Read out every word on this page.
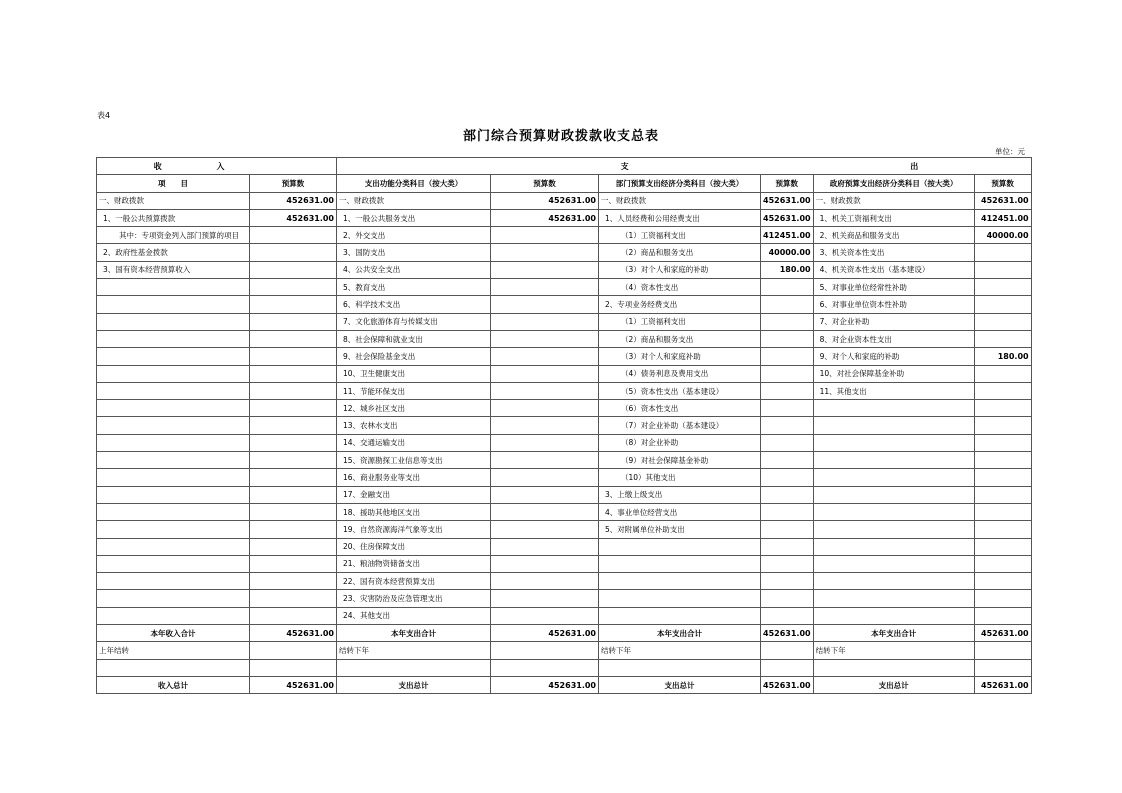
表4
部门综合预算财政拨款收支总表
单位：元
收 入		支 出					
项　　目	预算数	支出功能分类科目（按大类）	预算数	部门预算支出经济分类科目（按大类）	预算数	政府预算支出经济分类科目（按大类）	预算数
一、财政拨款	452631.00	一、财政拨款	452631.00	一、财政拨款	452631.00	一、财政拨款	452631.00
1、一般公共预算拨款	452631.00	1、一般公共服务支出	452631.00	1、人员经费和公用经费支出	452631.00	1、机关工资福利支出	412451.00
其中：专项资金列入部门预算的项目		2、外交支出		（1）工资福利支出	412451.00	2、机关商品和服务支出	40000.00
2、政府性基金拨款		3、国防支出		（2）商品和服务支出	40000.00	3、机关资本性支出	
3、国有资本经营预算收入		4、公共安全支出		（3）对个人和家庭的补助	180.00	4、机关资本性支出（基本建设）	
		5、教育支出		（4）资本性支出		5、对事业单位经常性补助	
		6、科学技术支出		2、专项业务经费支出		6、对事业单位资本性补助	
		7、文化旅游体育与传媒支出		（1）工资福利支出		7、对企业补助	
		8、社会保障和就业支出		（2）商品和服务支出		8、对企业资本性支出	
		9、社会保险基金支出		（3）对个人和家庭补助		9、对个人和家庭的补助	180.00
		10、卫生健康支出		（4）债务利息及费用支出		10、对社会保障基金补助	
		11、节能环保支出		（5）资本性支出（基本建设）		11、其他支出	
		12、城乡社区支出		（6）资本性支出			
		13、农林水支出		（7）对企业补助（基本建设）			
		14、交通运输支出		（8）对企业补助			
		15、资源勘探工业信息等支出		（9）对社会保障基金补助			
		16、商业服务业等支出		（10）其他支出			
		17、金融支出		3、上缴上级支出			
		18、援助其他地区支出		4、事业单位经营支出			
		19、自然资源海洋气象等支出		5、对附属单位补助支出			
		20、住房保障支出					
		21、粮油物资储备支出					
		22、国有资本经营预算支出					
		23、灾害防治及应急管理支出					
		24、其他支出					
本年收入合计	452631.00	本年支出合计	452631.00	本年支出合计	452631.00	本年支出合计	452631.00
上年结转		结转下年		结转下年		结转下年	

收入总计	452631.00	支出总计	452631.00	支出总计	452631.00	支出总计	452631.00
